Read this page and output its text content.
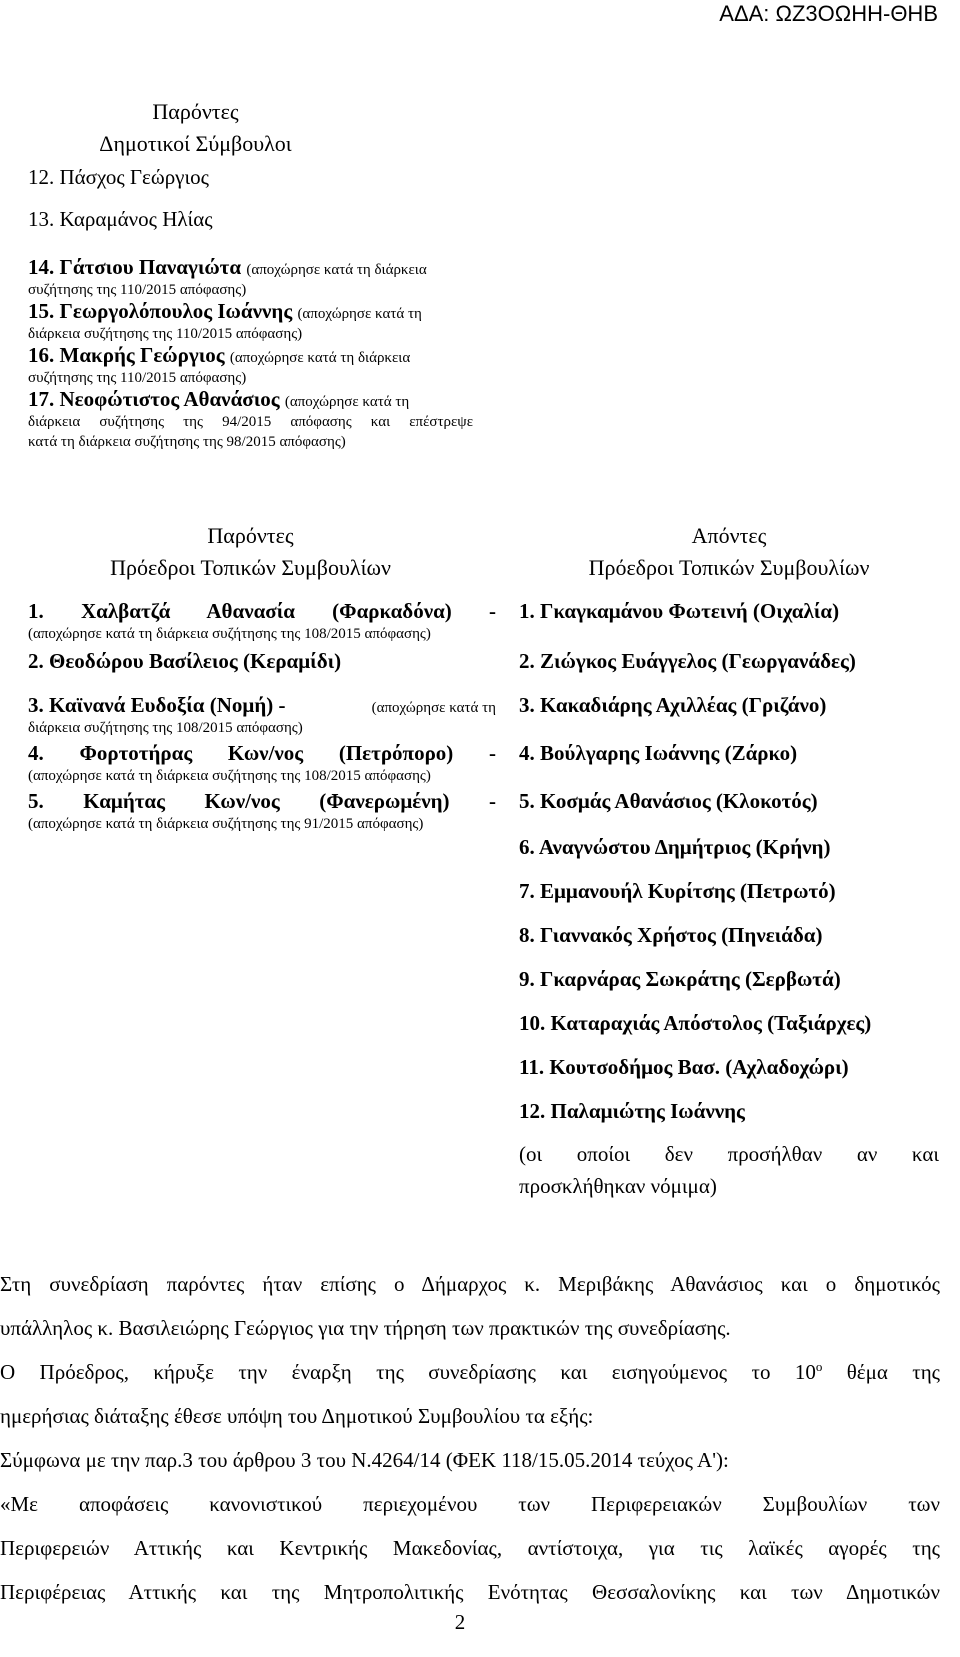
ΑΔΑ: ΩΖ3ΟΩΗΗ-ΘΗΒ
Παρόντες
Δημοτικοί Σύμβουλοι
12. Πάσχος Γεώργιος
13. Καραμάνος Ηλίας
14. Γάτσιου Παναγιώτα (αποχώρησε κατά τη διάρκεια
συζήτησης της 110/2015 απόφασης)
15. Γεωργολόπουλος Ιωάννης (αποχώρησε κατά τη
διάρκεια συζήτησης της 110/2015 απόφασης)
16. Μακρής Γεώργιος (αποχώρησε κατά τη διάρκεια
συζήτησης της 110/2015 απόφασης)
17. Νεοφώτιστος Αθανάσιος (αποχώρησε κατά τη
διάρκεια συζήτησης της 94/2015 απόφασης και επέστρεψε
κατά τη διάρκεια συζήτησης της 98/2015 απόφασης)
Παρόντες
Πρόεδροι Τοπικών Συμβουλίων
Απόντες
Πρόεδροι Τοπικών Συμβουλίων
1. Χαλβατζά Αθανασία (Φαρκαδόνα) -
(αποχώρησε κατά τη διάρκεια συζήτησης της 108/2015 απόφασης)
2. Θεοδώρου Βασίλειος (Κεραμίδι)
3. Καϊνανά Ευδοξία (Νομή) -	(αποχώρησε κατά τη
διάρκεια συζήτησης της 108/2015 απόφασης)
4. Φορτοτήρας Κων/νος (Πετρόπορο) -
(αποχώρησε κατά τη διάρκεια συζήτησης της 108/2015 απόφασης)
5. Καμήτας Κων/νος (Φανερωμένη) -
(αποχώρησε κατά τη διάρκεια συζήτησης της 91/2015 απόφασης)
1. Γκαγκαμάνου Φωτεινή (Οιχαλία)
2. Ζιώγκος Ευάγγελος (Γεωργανάδες)
3. Κακαδιάρης Αχιλλέας (Γριζάνο)
4. Βούλγαρης Ιωάννης (Ζάρκο)
5. Κοσμάς Αθανάσιος (Κλοκοτός)
6. Αναγνώστου Δημήτριος (Κρήνη)
7. Εμμανουήλ Κυρίτσης (Πετρωτό)
8. Γιαννακός Χρήστος (Πηνειάδα)
9. Γκαρνάρας Σωκράτης (Σερβωτά)
10. Καταραχιάς Απόστολος (Ταξιάρχες)
11. Κουτσοδήμος Βασ. (Αχλαδοχώρι)
12. Παλαμιώτης Ιωάννης
(οι οποίοι δεν προσήλθαν αν και
προσκλήθηκαν νόμιμα)
Στη συνεδρίαση παρόντες ήταν επίσης ο Δήμαρχος κ. Μεριβάκης Αθανάσιος και ο δημοτικός
υπάλληλος κ. Βασιλειώρης Γεώργιος για την τήρηση των πρακτικών της συνεδρίασης.
Ο Πρόεδρος, κήρυξε την έναρξη της συνεδρίασης και εισηγούμενος το $10^o$ θέμα της
ημερήσιας διάταξης έθεσε υπόψη του Δημοτικού Συμβουλίου τα εξής:
Σύμφωνα με την παρ.3 του άρθρου 3 του Ν.4264/14 (ΦΕΚ 118/15.05.2014 τεύχος Α'):
«Με αποφάσεις κανονιστικού περιεχομένου των Περιφερειακών Συμβουλίων των
Περιφερειών Αττικής και Κεντρικής Μακεδονίας, αντίστοιχα, για τις λαϊκές αγορές της
Περιφέρειας Αττικής και της Μητροπολιτικής Ενότητας Θεσσαλονίκης και των Δημοτικών
2
